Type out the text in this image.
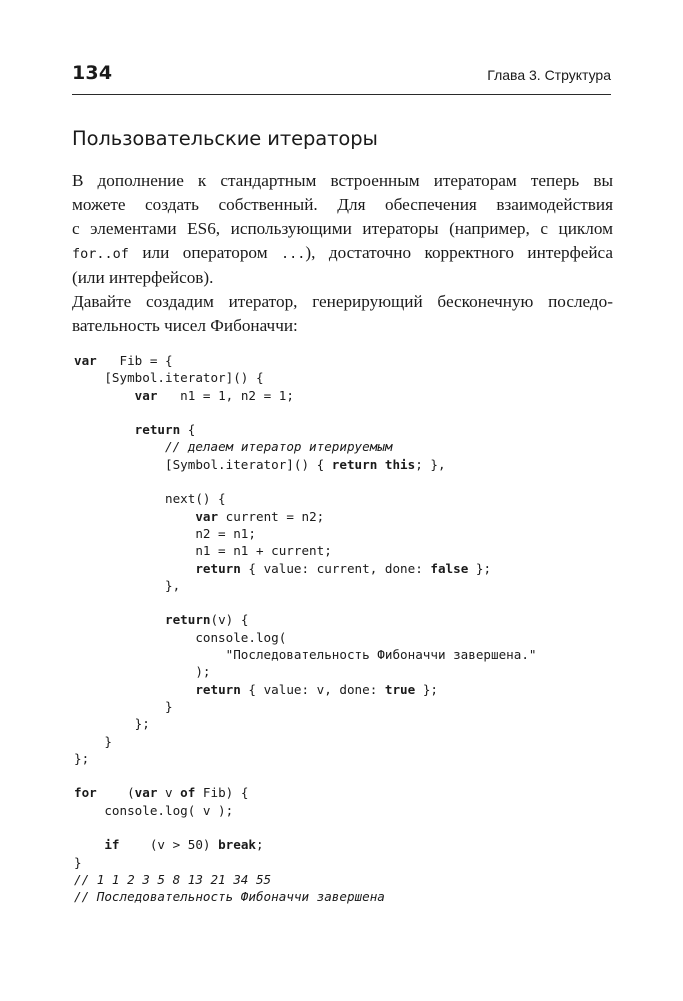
134	Глава 3. Структура
Пользовательские итераторы

В дополнение к стандартным встроенным итераторам теперь вы
можете создать собственный. Для обеспечения взаимодействия
с элементами ES6, использующими итераторы (например, с циклом
for..of или оператором ...), достаточно корректного интерфейса
(или интерфейсов).

Давайте создадим итератор, генерирующий бесконечную последо-
вательность чисел Фибоначчи:

var   Fib = {
[Symbol.iterator]() {
var   n1 = 1, n2 = 1;
return {
// делаем итератор итерируемым
[Symbol.iterator]() { return this; },
next() {
var current = n2;
n2 = n1;
n1 = n1 + current;
return { value: current, done: false };
},
return(v) {
console.log(
"Последовательность Фибоначчи завершена."
);
return { value: v, done: true };
}
};
}
};
for    (var v of Fib) {
console.log( v );
if    (v > 50) break;
}
// 1 1 2 3 5 8 13 21 34 55
// Последовательность Фибоначчи завершена
